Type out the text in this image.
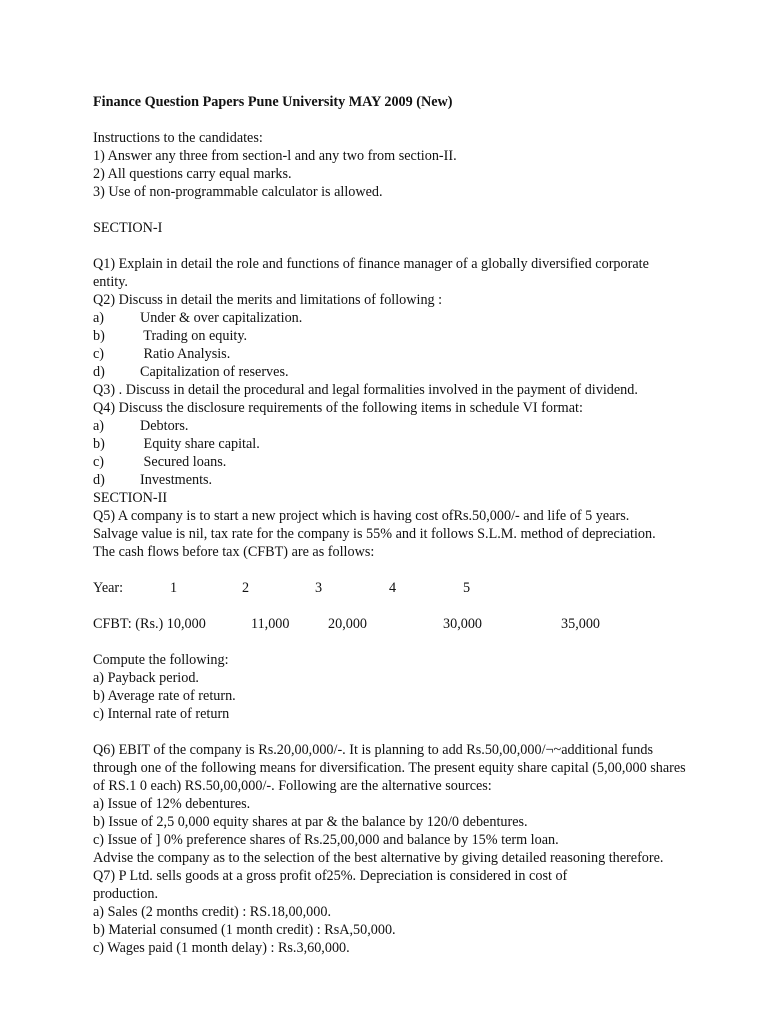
Finance Question Papers Pune University MAY 2009 (New)

Instructions to the candidates:

1) Answer any three from section-l and any two from section-II.

2) All questions carry equal marks.

3) Use of non-programmable calculator is allowed.

SECTION-I

Q1) Explain in detail the role and functions of finance manager of a globally diversified corporate entity.

Q2) Discuss in detail the merits and limitations of following :

a)	Under & over capitalization.
b)	Trading on equity.
c)	Ratio Analysis.
d)	Capitalization of reserves.

Q3) . Discuss in detail the procedural and legal formalities involved in the payment of dividend.

Q4) Discuss the disclosure requirements of the following items in schedule VI format:

a)	Debtors.
b)	Equity share capital.
c)	Secured loans.
d)	Investments.

SECTION-II

Q5) A company is to start a new project which is having cost ofRs.50,000/- and life of 5 years. Salvage value is nil, tax rate for the company is 55% and it follows S.L.M. method of depreciation. The cash flows before tax (CFBT) are as follows:

Year:	1	2	3	4	5
CFBT: (Rs.) 10,000	11,000	20,000	30,000	35,000

Compute the following:

a) Payback period.

b) Average rate of return.

c) Internal rate of return

Q6) EBIT of the company is Rs.20,00,000/-. It is planning to add Rs.50,00,000/¬~additional funds through one of the following means for diversification. The present equity share capital (5,00,000 shares of RS.1 0 each) RS.50,00,000/-. Following are the alternative sources:

a) Issue of 12% debentures.

b) Issue of 2,5 0,000 equity shares at par & the balance by 120/0 debentures.

c) Issue of ] 0% preference shares of Rs.25,00,000 and balance by 15% term loan.

Advise the company as to the selection of the best alternative by giving detailed reasoning therefore.

Q7) P Ltd. sells goods at a gross profit of25%. Depreciation is considered in cost of production.

a) Sales (2 months credit) : RS.18,00,000.

b) Material consumed (1 month credit) : RsA,50,000.

c) Wages paid (1 month delay) : Rs.3,60,000.
